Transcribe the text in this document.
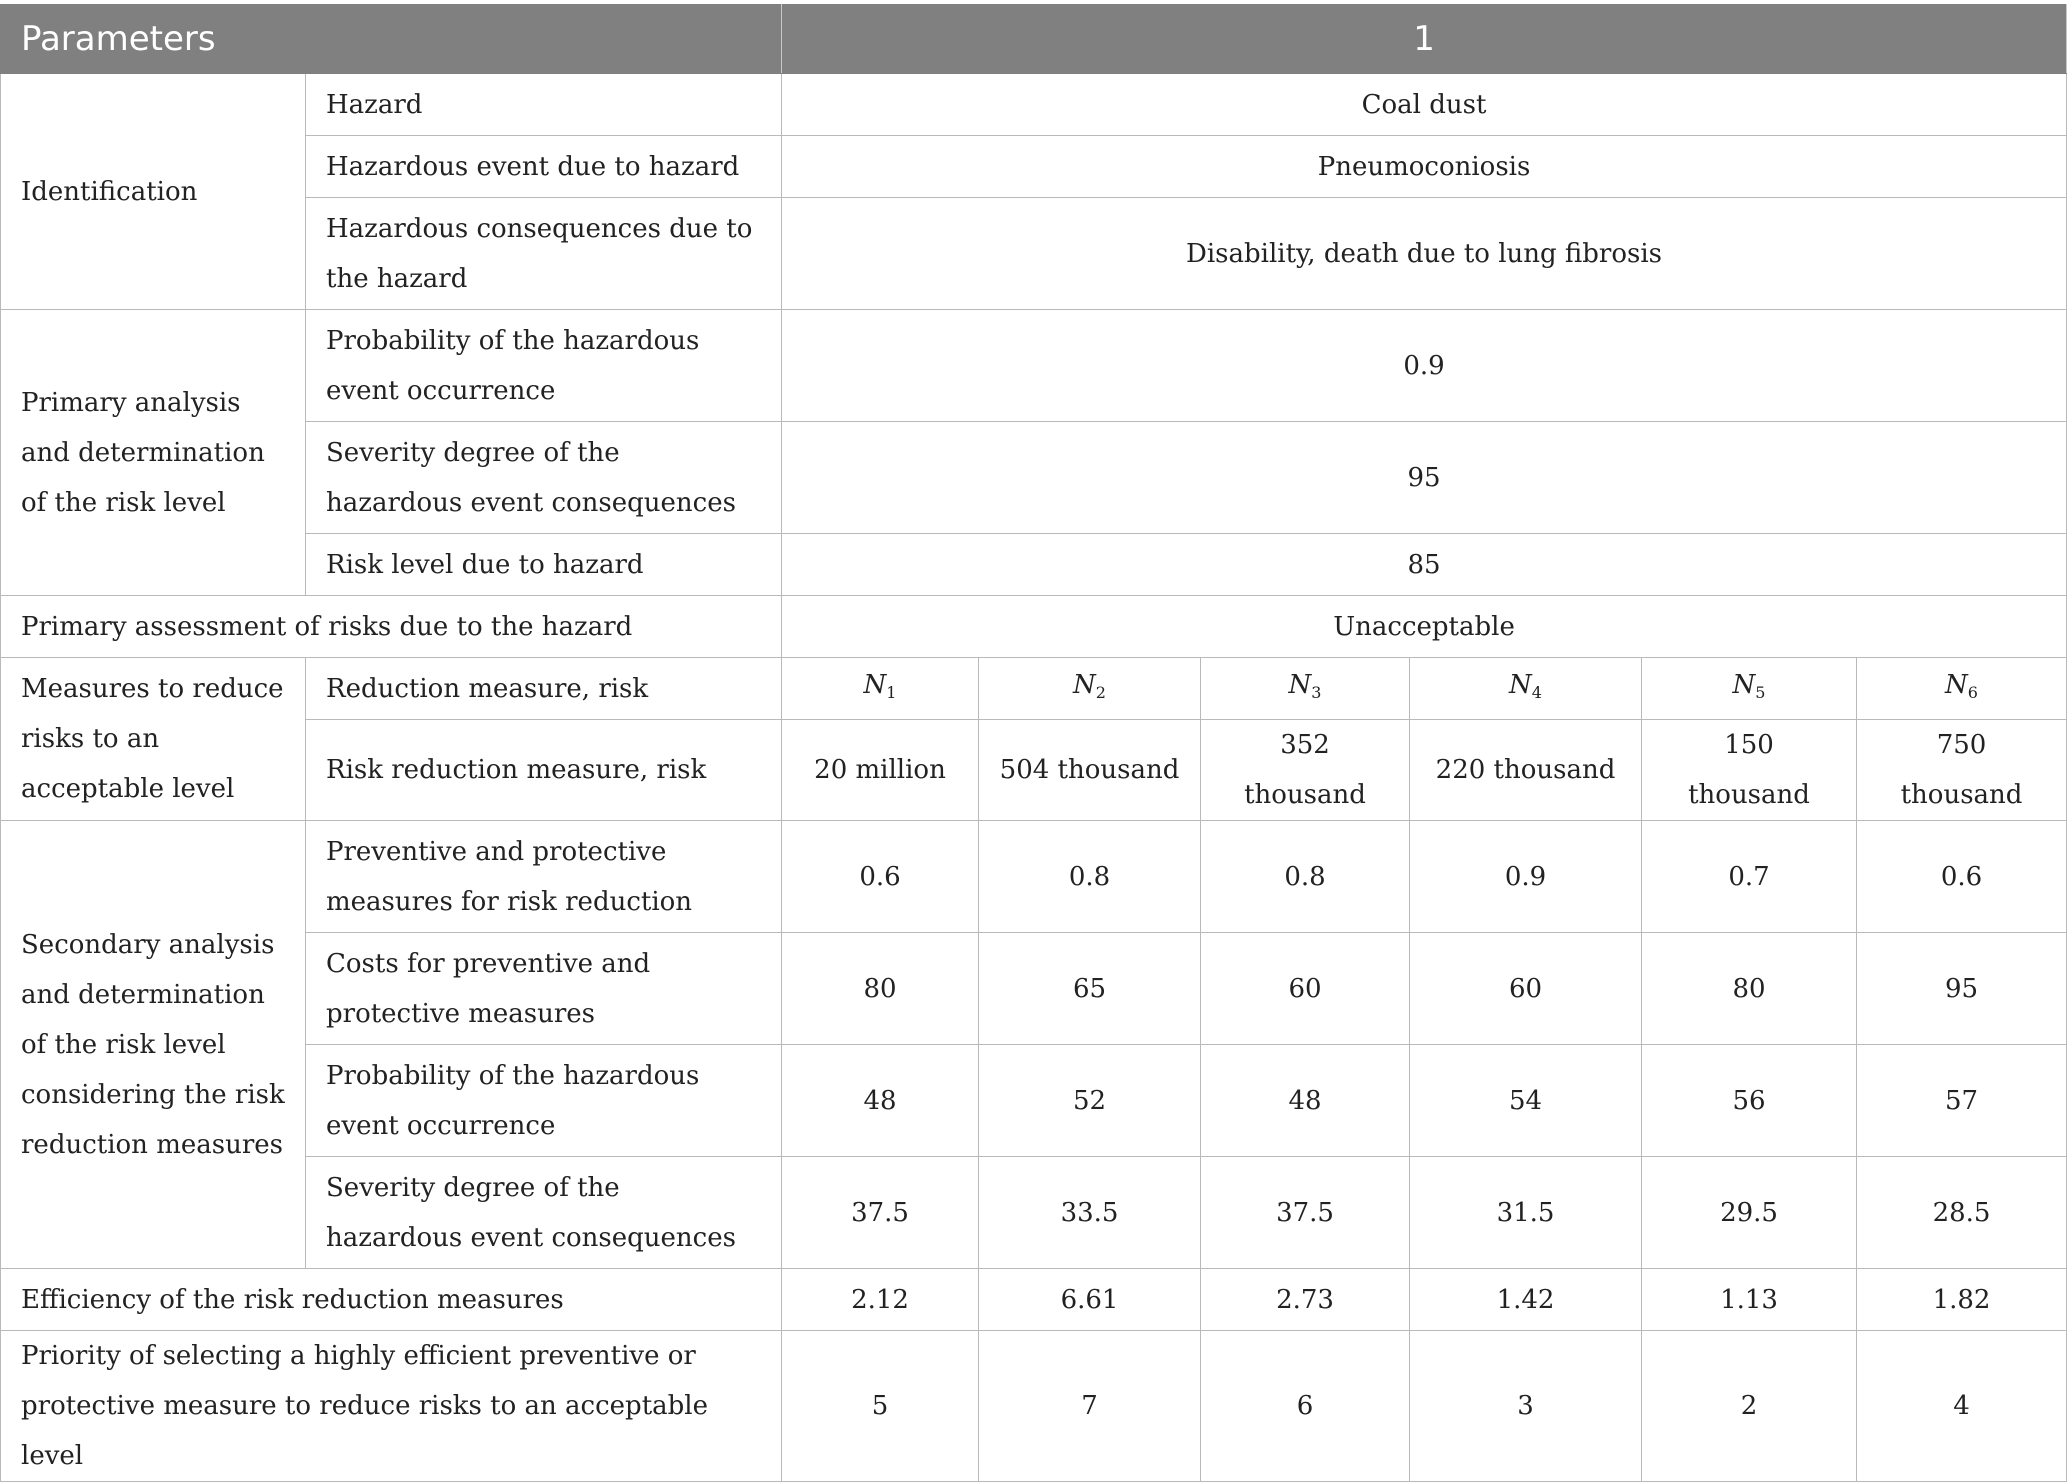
Parameters		1					
Identification	Hazard	Coal dust					
	Hazardous event due to hazard	Pneumoconiosis					
	Hazardous consequences due to the hazard	Disability, death due to lung fibrosis					
Primary analysis and determination of the risk level	Probability of the hazardous event occurrence	0.9					
	Severity degree of the hazardous event consequences	95					
	Risk level due to hazard	85					
Primary assessment of risks due to the hazard		Unacceptable					
Measures to reduce risks to an acceptable level	Reduction measure, risk	$N_1$	$N_2$	$N_3$	$N_4$	$N_5$	$N_6$
	Risk reduction measure, risk	20 million	504 thousand	352 thousand	220 thousand	150 thousand	750 thousand
Secondary analysis and determination of the risk level considering the risk reduction measures	Preventive and protective measures for risk reduction	0.6	0.8	0.8	0.9	0.7	0.6
	Costs for preventive and protective measures	80	65	60	60	80	95
	Probability of the hazardous event occurrence	48	52	48	54	56	57
	Severity degree of the hazardous event consequences	37.5	33.5	37.5	31.5	29.5	28.5
Efficiency of the risk reduction measures		2.12	6.61	2.73	1.42	1.13	1.82
Priority of selecting a highly efficient preventive or protective measure to reduce risks to an acceptable level		5	7	6	3	2	4
